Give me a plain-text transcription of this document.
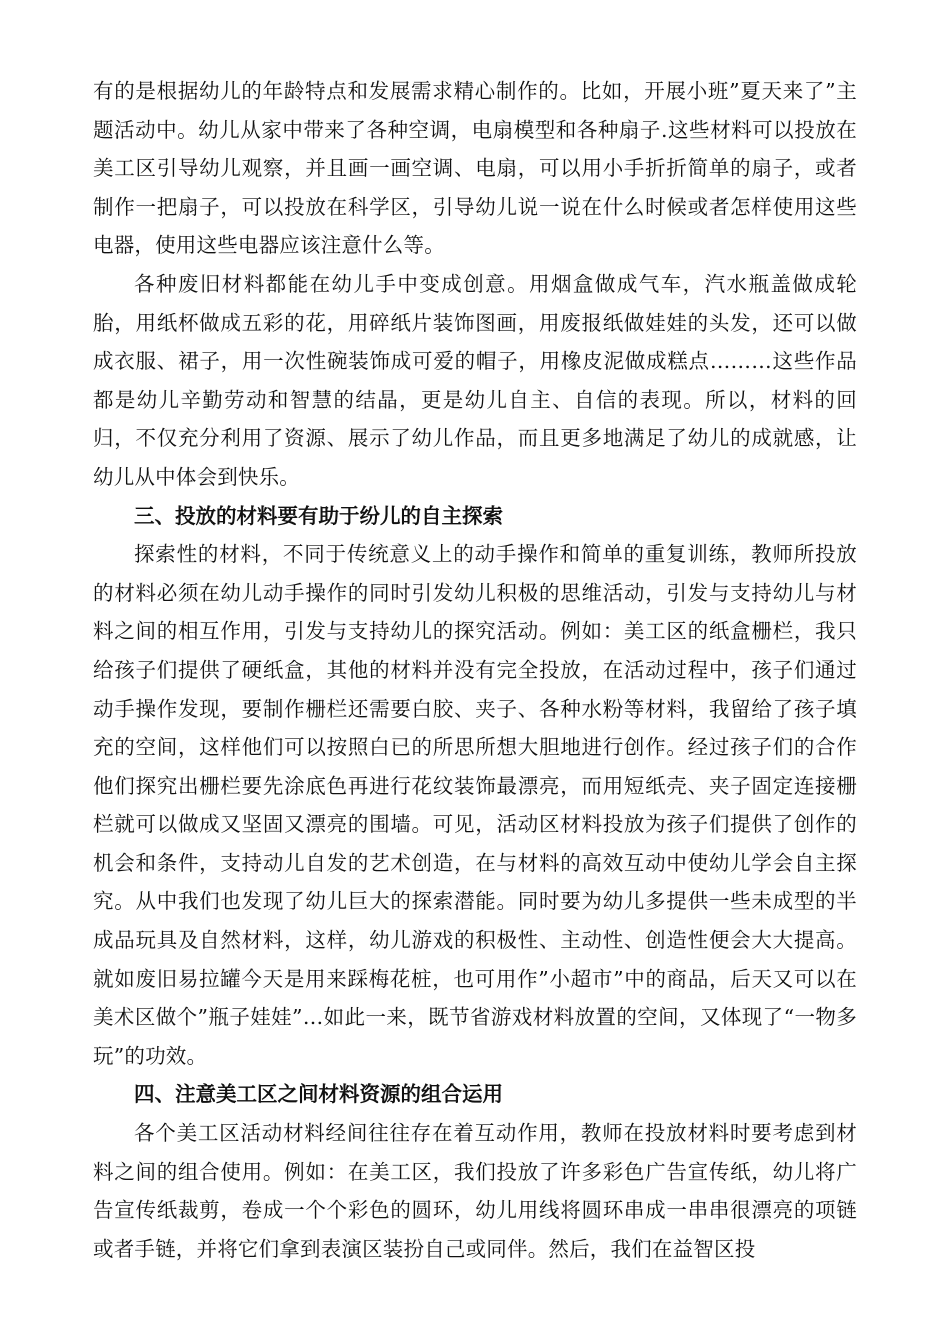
有的是根据幼儿的年龄特点和发展需求精心制作的。比如，开展小班”夏天来了”主题活动中。幼儿从家中带来了各种空调，电扇模型和各种扇子.这些材料可以投放在美工区引导幼儿观察，并且画一画空调、电扇，可以用小手折折简单的扇子，或者制作一把扇子，可以投放在科学区，引导幼儿说一说在什么时候或者怎样使用这些电器，使用这些电器应该注意什么等。

各种废旧材料都能在幼儿手中变成创意。用烟盒做成气车，汽水瓶盖做成轮胎，用纸杯做成五彩的花，用碎纸片装饰图画，用废报纸做娃娃的头发，还可以做成衣服、裙子，用一次性碗装饰成可爱的帽子，用橡皮泥做成糕点………这些作品都是幼儿辛勤劳动和智慧的结晶，更是幼儿自主、自信的表现。所以，材料的回归，不仅充分利用了资源、展示了幼儿作品，而且更多地满足了幼儿的成就感，让幼儿从中体会到快乐。

三、投放的材料要有助于纷儿的自主探索

探索性的材料，不同于传统意义上的动手操作和简单的重复训练，教师所投放的材料必须在幼儿动手操作的同时引发幼儿积极的思维活动，引发与支持幼儿与材料之间的相互作用，引发与支持幼儿的探究活动。例如：美工区的纸盒栅栏，我只给孩子们提供了硬纸盒，其他的材料并没有完全投放，在活动过程中，孩子们通过动手操作发现，要制作栅栏还需要白胶、夹子、各种水粉等材料，我留给了孩子填充的空间，这样他们可以按照白已的所思所想大胆地进行创作。经过孩子们的合作他们探究出栅栏要先涂底色再进行花纹装饰最漂亮，而用短纸壳、夹子固定连接栅栏就可以做成又坚固又漂亮的围墙。可见，活动区材料投放为孩子们提供了创作的机会和条件，支持动儿自发的艺术创造，在与材料的高效互动中使幼儿学会自主探究。从中我们也发现了幼儿巨大的探索潜能。同时要为幼儿多提供一些未成型的半成品玩具及自然材料，这样，幼儿游戏的积极性、主动性、创造性便会大大提高。就如废旧易拉罐今天是用来踩梅花桩，也可用作”小超市”中的商品，后天又可以在美术区做个”瓶子娃娃”…如此一来，既节省游戏材料放置的空间，又体现了“一物多玩”的功效。

四、注意美工区之间材料资源的组合运用

各个美工区活动材料经间往往存在着互动作用，教师在投放材料时要考虑到材料之间的组合使用。例如：在美工区，我们投放了许多彩色广告宣传纸，幼儿将广告宣传纸裁剪，卷成一个个彩色的圆环，幼儿用线将圆环串成一串串很漂亮的项链或者手链，并将它们拿到表演区装扮自己或同伴。然后，我们在益智区投
